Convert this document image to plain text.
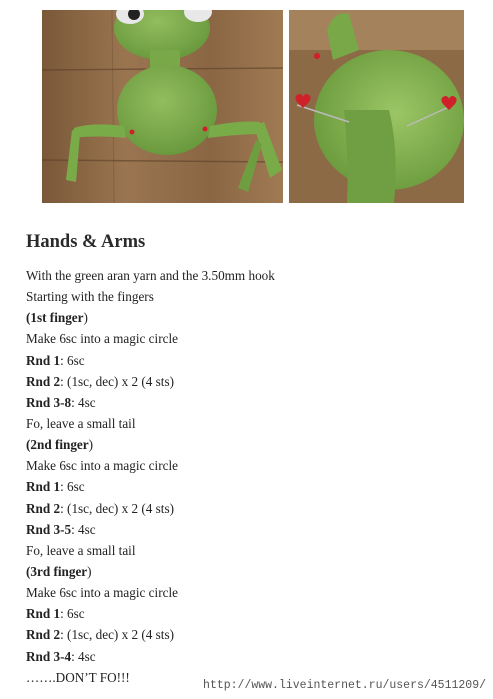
Hands & Arms
With the green aran yarn and the 3.50mm hook
Starting with the fingers
(1st finger)
Make 6sc into a magic circle
Rnd 1: 6sc
Rnd 2: (1sc, dec) x 2 (4 sts)
Rnd 3-8: 4sc
Fo, leave a small tail
(2nd finger)
Make 6sc into a magic circle
Rnd 1: 6sc
Rnd 2: (1sc, dec) x 2 (4 sts)
Rnd 3-5: 4sc
Fo, leave a small tail
(3rd finger)
Make 6sc into a magic circle
Rnd 1: 6sc
Rnd 2: (1sc, dec) x 2 (4 sts)
Rnd 3-4: 4sc
…….DON’T FO!!!
http://www.liveinternet.ru/users/4511209/
